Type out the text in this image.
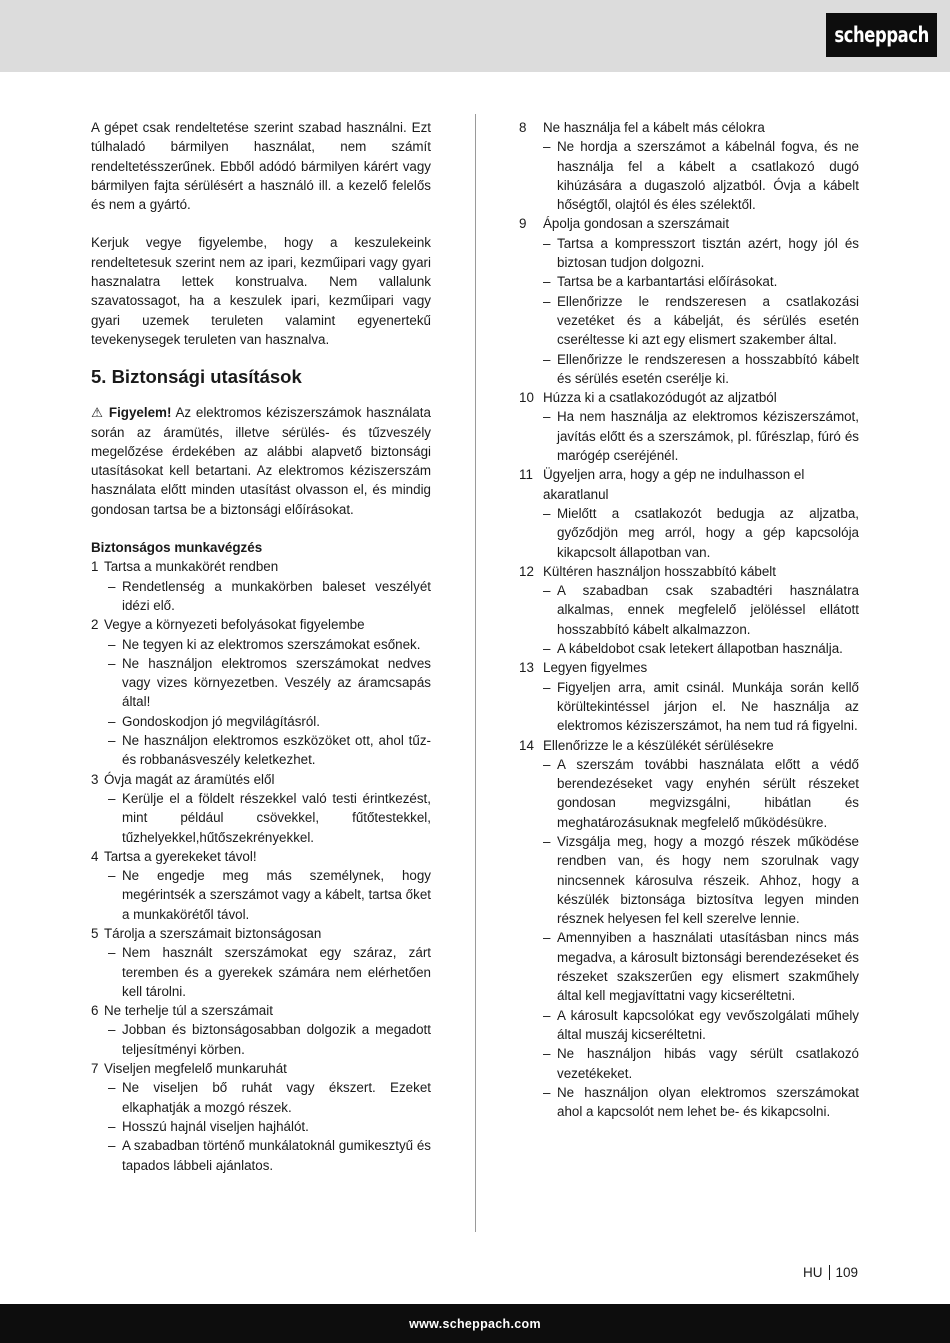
scheppach

A gépet csak rendeltetése szerint szabad használni. Ezt túlhaladó bármilyen használat, nem számít rendeltetésszerűnek. Ebből adódó bármilyen kárért vagy bármilyen fajta sérülésért a használó ill. a kezelő felelős és nem a gyártó.

Kerjuk vegye figyelembe, hogy a keszulekeink rendeltetesuk szerint nem az ipari, kezműipari vagy gyari hasznalatra lettek konstrualva. Nem vallalunk szavatossagot, ha a keszulek ipari, kezműipari vagy gyari uzemek teruleten valamint egyenertekű tevekenysegek teruleten van hasznalva.

5. Biztonsági utasítások

⚠ Figyelem! Az elektromos kéziszerszámok használata során az áramütés, illetve sérülés- és tűzveszély megelőzése érdekében az alábbi alapvető biztonsági utasításokat kell betartani. Az elektromos kéziszerszám használata előtt minden utasítást olvasson el, és mindig gondosan tartsa be a biztonsági előírásokat.

Biztonságos munkavégzés

1 Tartsa a munkakörét rendben
– Rendetlenség a munkakörben baleset veszélyét idézi elő.
2 Vegye a környezeti befolyásokat figyelembe
– Ne tegyen ki az elektromos szerszámokat esőnek.
– Ne használjon elektromos szerszámokat nedves vagy vizes környezetben. Veszély az áramcsapás által!
– Gondoskodjon jó megvilágításról.
– Ne használjon elektromos eszközöket ott, ahol tűz- és robbanásveszély keletkezhet.
3 Óvja magát az áramütés elől
– Kerülje el a földelt részekkel való testi érintkezést, mint például csövekkel, fűtőtestekkel, tűzhelyekkel,hűtőszekrényekkel.
4 Tartsa a gyerekeket távol!
– Ne engedje meg más személynek, hogy megérintsék a szerszámot vagy a kábelt, tartsa őket a munkakörétől távol.
5 Tárolja a szerszámait biztonságosan
– Nem használt szerszámokat egy száraz, zárt teremben és a gyerekek számára nem elérhetően kell tárolni.
6 Ne terhelje túl a szerszámait
– Jobban és biztonságosabban dolgozik a megadott teljesítményi körben.
7 Viseljen megfelelő munkaruhát
– Ne viseljen bő ruhát vagy ékszert. Ezeket elkaphatják a mozgó részek.
– Hosszú hajnál viseljen hajhálót.
– A szabadban történő munkálatoknál gumikesztyű és tapados lábbeli ajánlatos.
8	Ne használja fel a kábelt más célokra
– Ne hordja a szerszámot a kábelnál fogva, és ne használja fel a kábelt a csatlakozó dugó kihúzására a dugaszoló aljzatból. Óvja a kábelt hőségtől, olajtól és éles szélektől.
9	Ápolja gondosan a szerszámait
– Tartsa a kompresszort tisztán azért, hogy jól és biztosan tudjon dolgozni.
– Tartsa be a karbantartási előírásokat.
– Ellenőrizze le rendszeresen a csatlakozási vezetéket és a kábelját, és sérülés esetén cseréltesse ki azt egy elismert szakember által.
– Ellenőrizze le rendszeresen a hosszabbító kábelt és sérülés esetén cserélje ki.
10 Húzza ki a csatlakozódugót az aljzatból
– Ha nem használja az elektromos kéziszerszámot, javítás előtt és a szerszámok, pl. fűrészlap, fúró és marógép cseréjénél.
11 Ügyeljen arra, hogy a gép ne indulhasson el akaratlanul
– Mielőtt a csatlakozót bedugja az aljzatba, győződjön meg arról, hogy a gép kapcsolója kikapcsolt állapotban van.
12 Kültéren használjon hosszabbító kábelt
– A szabadban csak szabadtéri használatra alkalmas, ennek megfelelő jelöléssel ellátott hosszabbító kábelt alkalmazzon.
– A kábeldobot csak letekert állapotban használja.
13 Legyen figyelmes
– Figyeljen arra, amit csinál. Munkája során kellő körültekintéssel járjon el. Ne használja az elektromos kéziszerszámot, ha nem tud rá figyelni.
14 Ellenőrizze le a készülékét sérülésekre
– A szerszám további használata előtt a védő berendezéseket vagy enyhén sérült részeket gondosan megvizsgálni, hibátlan és meghatározásuknak megfelelő működésükre.
– Vizsgálja meg, hogy a mozgó részek működése rendben van, és hogy nem szorulnak vagy nincsennek károsulva részeik. Ahhoz, hogy a készülék biztonsága biztosítva legyen minden résznek helyesen fel kell szerelve lennie.
– Amennyiben a használati utasításban nincs más megadva, a károsult biztonsági berendezéseket és részeket szakszerűen egy elismert szakműhely által kell megjavíttatni vagy kicseréltetni.
– A károsult kapcsolókat egy vevőszolgálati műhely által muszáj kicseréltetni.
– Ne használjon hibás vagy sérült csatlakozó vezetékeket.
– Ne használjon olyan elektromos szerszámokat ahol a kapcsolót nem lehet be- és kikapcsolni.
HU 109
www.scheppach.com
